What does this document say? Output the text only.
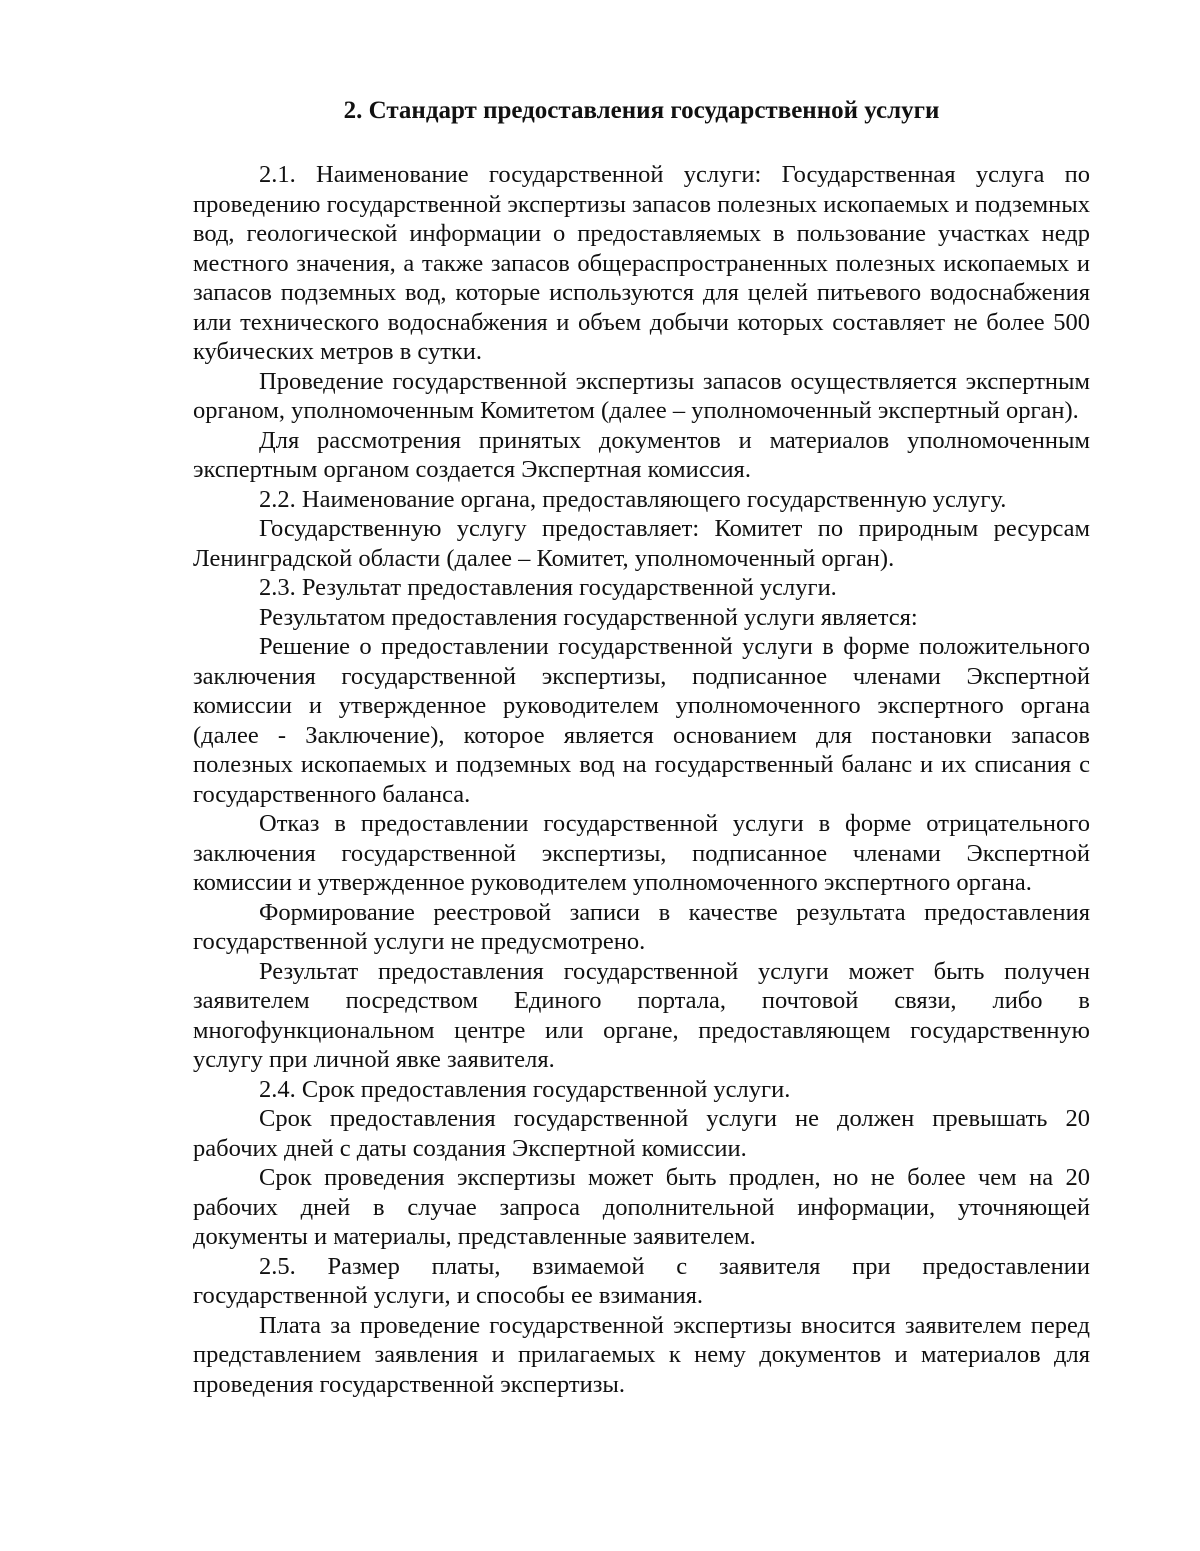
2. Стандарт предоставления государственной услуги

2.1. Наименование государственной услуги: Государственная услуга по проведению государственной экспертизы запасов полезных ископаемых и подземных вод, геологической информации о предоставляемых в пользование участках недр местного значения, а также запасов общераспространенных полезных ископаемых и запасов подземных вод, которые используются для целей питьевого водоснабжения или технического водоснабжения и объем добычи которых составляет не более 500 кубических метров в сутки.

Проведение государственной экспертизы запасов осуществляется экспертным органом, уполномоченным Комитетом (далее – уполномоченный экспертный орган).

Для рассмотрения принятых документов и материалов уполномоченным экспертным органом создается Экспертная комиссия.

2.2. Наименование органа, предоставляющего государственную услугу.

Государственную услугу предоставляет: Комитет по природным ресурсам Ленинградской области (далее – Комитет, уполномоченный орган).

2.3. Результат предоставления государственной услуги.

Результатом предоставления государственной услуги является:

Решение о предоставлении государственной услуги в форме положительного заключения государственной экспертизы, подписанное членами Экспертной комиссии и утвержденное руководителем уполномоченного экспертного органа (далее - Заключение), которое является основанием для постановки запасов полезных ископаемых и подземных вод на государственный баланс и их списания с государственного баланса.

Отказ в предоставлении государственной услуги в форме отрицательного заключения государственной экспертизы, подписанное членами Экспертной комиссии и утвержденное руководителем уполномоченного экспертного органа.

Формирование реестровой записи в качестве результата предоставления государственной услуги не предусмотрено.

Результат предоставления государственной услуги может быть получен заявителем посредством Единого портала, почтовой связи, либо в многофункциональном центре или органе, предоставляющем государственную услугу при личной явке заявителя.

2.4. Срок предоставления государственной услуги.

Срок предоставления государственной услуги не должен превышать 20 рабочих дней с даты создания Экспертной комиссии.

Срок проведения экспертизы может быть продлен, но не более чем на 20 рабочих дней в случае запроса дополнительной информации, уточняющей документы и материалы, представленные заявителем.

2.5. Размер платы, взимаемой с заявителя при предоставлении государственной услуги, и способы ее взимания.

Плата за проведение государственной экспертизы вносится заявителем перед представлением заявления и прилагаемых к нему документов и материалов для проведения государственной экспертизы.
